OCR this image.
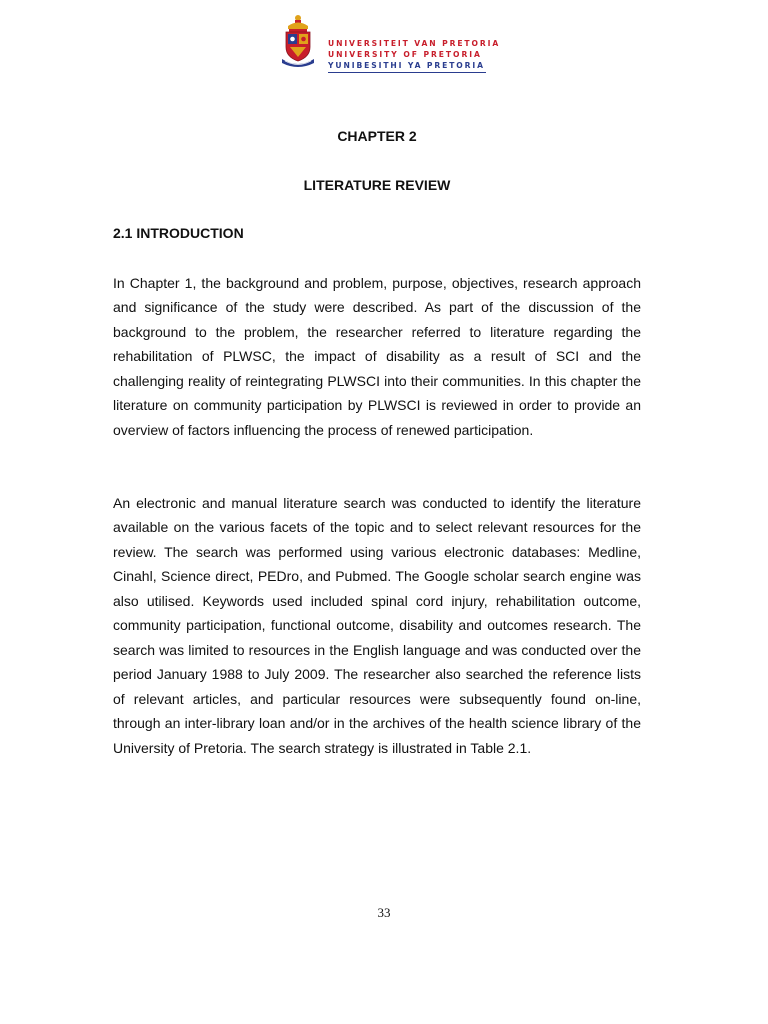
UNIVERSITEIT VAN PRETORIA
UNIVERSITY OF PRETORIA
YUNIBESITHI YA PRETORIA
CHAPTER 2
LITERATURE REVIEW
2.1 INTRODUCTION

In Chapter 1, the background and problem, purpose, objectives, research approach and significance of the study were described. As part of the discussion of the background to the problem, the researcher referred to literature regarding the rehabilitation of PLWSC, the impact of disability as a result of SCI and the challenging reality of reintegrating PLWSCI into their communities. In this chapter the literature on community participation by PLWSCI is reviewed in order to provide an overview of factors influencing the process of renewed participation.

An electronic and manual literature search was conducted to identify the literature available on the various facets of the topic and to select relevant resources for the review. The search was performed using various electronic databases: Medline, Cinahl, Science direct, PEDro, and Pubmed. The Google scholar search engine was also utilised. Keywords used included spinal cord injury, rehabilitation outcome, community participation, functional outcome, disability and outcomes research. The search was limited to resources in the English language and was conducted over the period January 1988 to July 2009. The researcher also searched the reference lists of relevant articles, and particular resources were subsequently found on-line, through an inter-library loan and/or in the archives of the health science library of the University of Pretoria. The search strategy is illustrated in Table 2.1.

33
